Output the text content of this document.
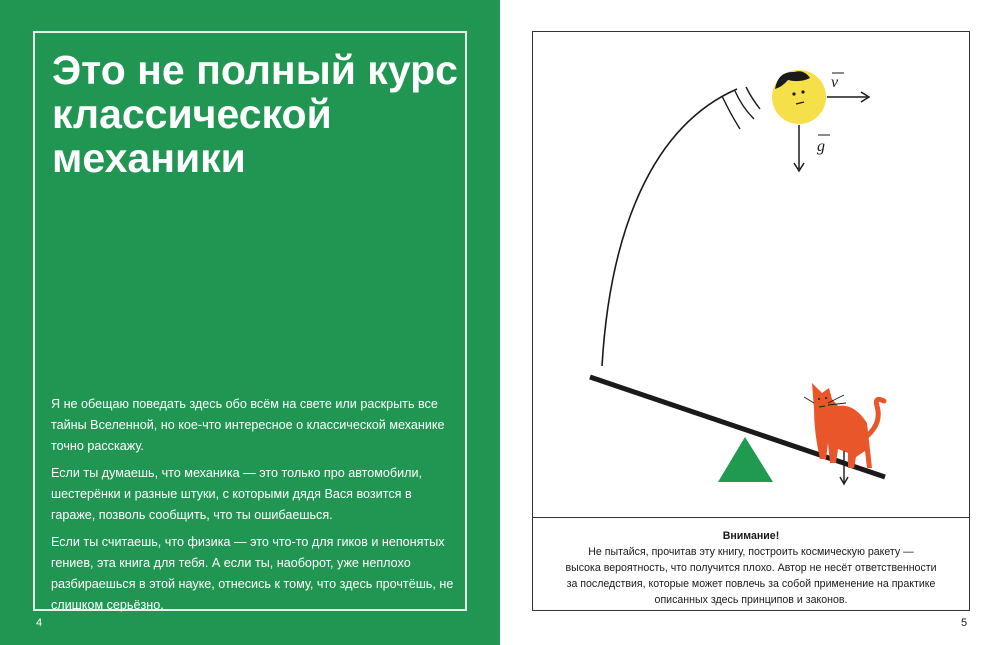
Это не полный курс
классической
механики

Я не обещаю поведать здесь обо всём на свете или раскрыть все тайны Вселенной, но кое-что интересное о классической механике точно расскажу.

Если ты думаешь, что механика — это только про автомобили, шестерёнки и разные штуки, с которыми дядя Вася возится в гараже, позволь сообщить, что ты ошибаешься.

Если ты считаешь, что физика — это что-то для гиков и непонятых гениев, эта книга для тебя. А если ты, наоборот, уже неплохо разбираешься в этой науке, отнесись к тому, что здесь прочтёшь, не слишком серьёзно.

4
v
g
Внимание!
Не пытайся, прочитав эту книгу, построить космическую ракету —
высока вероятность, что получится плохо. Автор не несёт ответственности
за последствия, которые может повлечь за собой применение на практике
описанных здесь принципов и законов.
5
